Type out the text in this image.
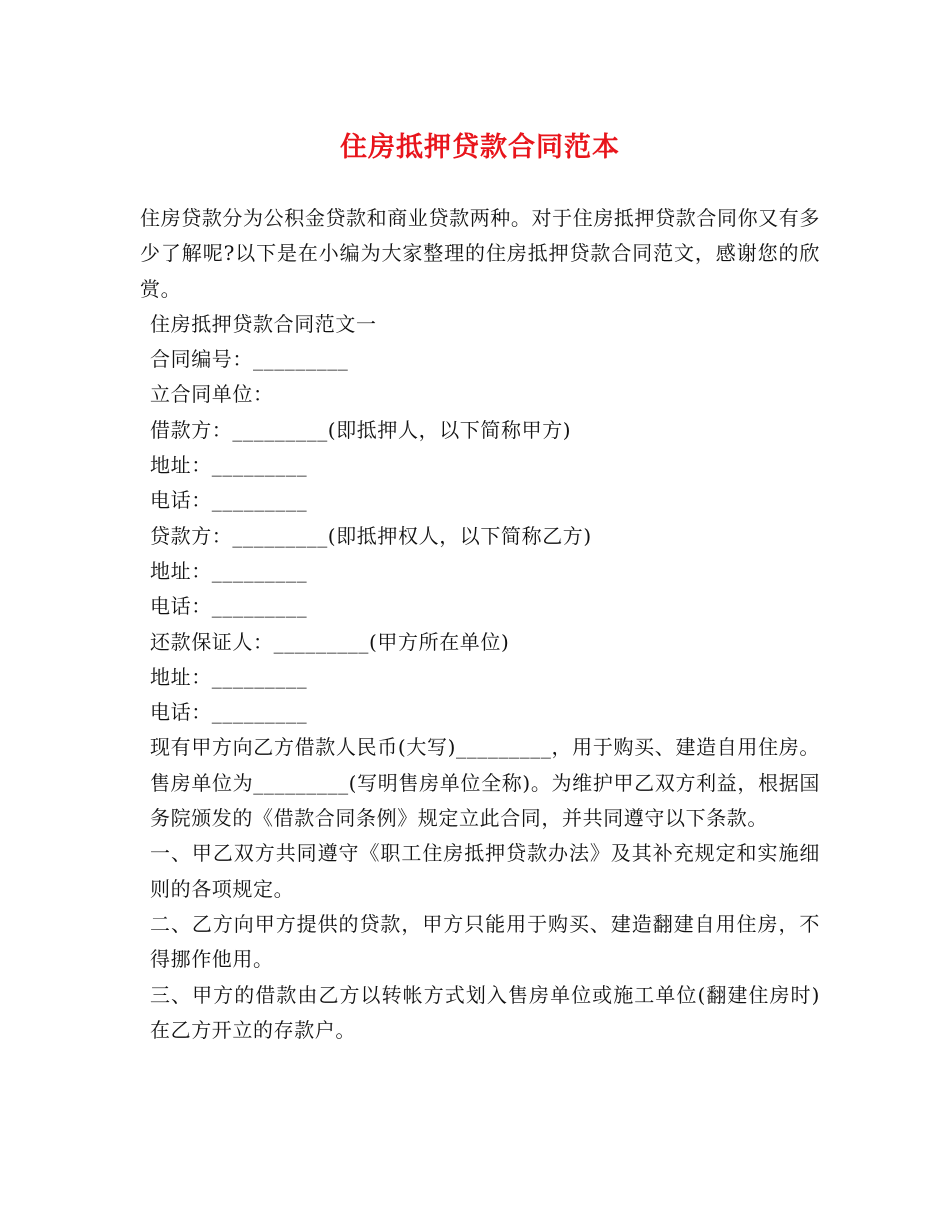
住房抵押贷款合同范本

住房贷款分为公积金贷款和商业贷款两种。对于住房抵押贷款合同你又有多少了解呢?以下是在小编为大家整理的住房抵押贷款合同范文，感谢您的欣赏。

住房抵押贷款合同范文一

合同编号：_________

立合同单位：

借款方：_________(即抵押人，以下简称甲方)

地址：_________

电话：_________

贷款方：_________(即抵押权人，以下简称乙方)

地址：_________

电话：_________

还款保证人：_________(甲方所在单位)

地址：_________

电话：_________

现有甲方向乙方借款人民币(大写)_________，用于购买、建造自用住房。售房单位为_________(写明售房单位全称)。为维护甲乙双方利益，根据国务院颁发的《借款合同条例》规定立此合同，并共同遵守以下条款。

一、甲乙双方共同遵守《职工住房抵押贷款办法》及其补充规定和实施细则的各项规定。

二、乙方向甲方提供的贷款，甲方只能用于购买、建造翻建自用住房，不得挪作他用。

三、甲方的借款由乙方以转帐方式划入售房单位或施工单位(翻建住房时)在乙方开立的存款户。
